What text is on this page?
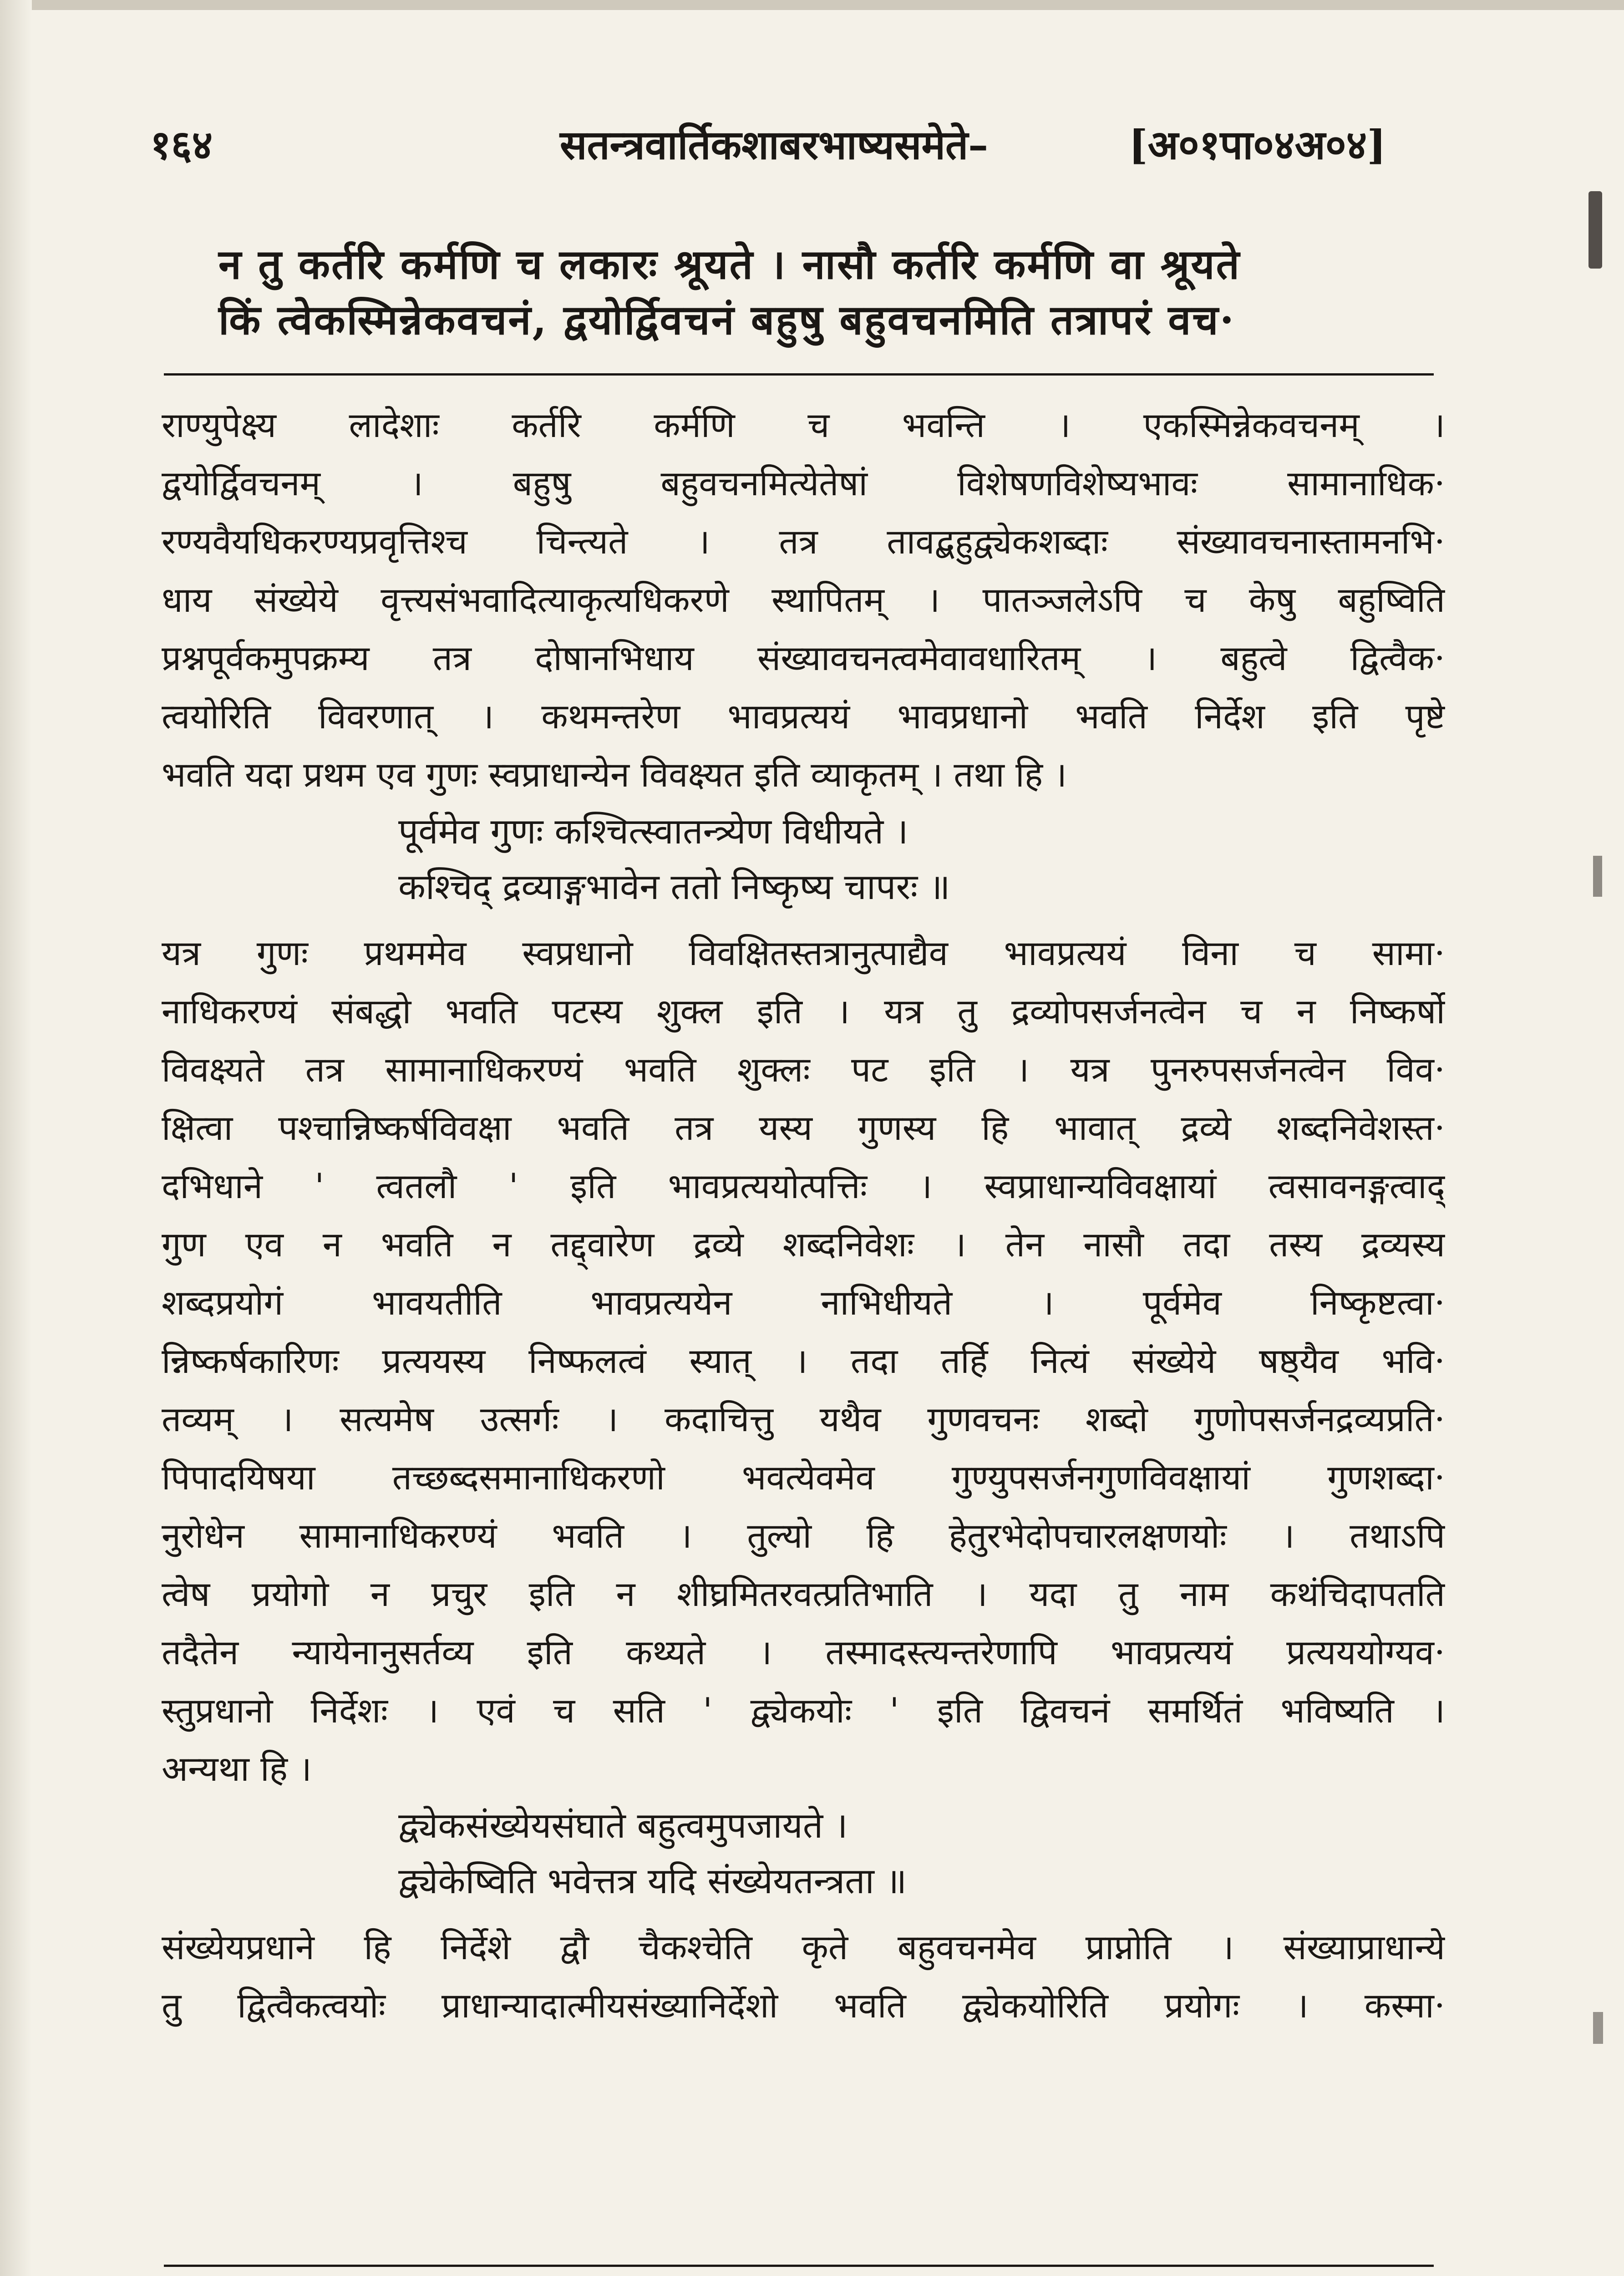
१६४	सतन्त्रवार्तिकशाबरभाष्यसमेते–	[अ०१पा०४अ०४]
न तु कर्तरि कर्मणि च लकारः श्रूयते । नासौ कर्तरि कर्मणि वा श्रूयते
किं त्वेकस्मिन्नेकवचनं, द्वयोर्द्विवचनं बहुषु बहुवचनमिति तत्रापरं वच·
राण्युपेक्ष्य लादेशाः कर्तरि कर्मणि च भवन्ति । एकस्मिन्नेकवचनम् ।
द्वयोर्द्विवचनम् । बहुषु बहुवचनमित्येतेषां विशेषणविशेष्यभावः सामानाधिक·
रण्यवैयधिकरण्यप्रवृत्तिश्च चिन्त्यते । तत्र तावद्बहुद्व्येकशब्दाः संख्यावचनास्तामनभि·
धाय संख्येये वृत्त्यसंभवादित्याकृत्यधिकरणे स्थापितम् । पातञ्जलेऽपि च केषु बहुष्विति
प्रश्नपूर्वकमुपक्रम्य तत्र दोषानभिधाय संख्यावचनत्वमेवावधारितम् । बहुत्वे द्वित्वैक·
त्वयोरिति विवरणात् । कथमन्तरेण भावप्रत्ययं भावप्रधानो भवति निर्देश इति पृष्टे
भवति यदा प्रथम एव गुणः स्वप्राधान्येन विवक्ष्यत इति व्याकृतम् । तथा हि ।
पूर्वमेव गुणः कश्चित्स्वातन्त्र्येण विधीयते ।
कश्चिद् द्रव्याङ्गभावेन ततो निष्कृष्य चापरः ॥
यत्र गुणः प्रथममेव स्वप्रधानो विवक्षितस्तत्रानुत्पाद्यैव भावप्रत्ययं विना च सामा·
नाधिकरण्यं संबद्धो भवति पटस्य शुक्ल इति । यत्र तु द्रव्योपसर्जनत्वेन च न निष्कर्षो
विवक्ष्यते तत्र सामानाधिकरण्यं भवति शुक्लः पट इति । यत्र पुनरुपसर्जनत्वेन विव·
क्षित्वा पश्चान्निष्कर्षविवक्षा भवति तत्र यस्य गुणस्य हि भावात् द्रव्ये शब्दनिवेशस्त·
दभिधाने ' त्वतलौ ' इति भावप्रत्ययोत्पत्तिः । स्वप्राधान्यविवक्षायां त्वसावनङ्गत्वाद्
गुण एव न भवति न तद्द्वारेण द्रव्ये शब्दनिवेशः । तेन नासौ तदा तस्य द्रव्यस्य
शब्दप्रयोगं भावयतीति भावप्रत्ययेन नाभिधीयते । पूर्वमेव निष्कृष्टत्वा·
न्निष्कर्षकारिणः प्रत्ययस्य निष्फलत्वं स्यात् । तदा तर्हि नित्यं संख्येये षष्ठ्यैव भवि·
तव्यम् । सत्यमेष उत्सर्गः । कदाचित्तु यथैव गुणवचनः शब्दो गुणोपसर्जनद्रव्यप्रति·
पिपादयिषया तच्छब्दसमानाधिकरणो भवत्येवमेव गुण्युपसर्जनगुणविवक्षायां गुणशब्दा·
नुरोधेन सामानाधिकरण्यं भवति । तुल्यो हि हेतुरभेदोपचारलक्षणयोः । तथाऽपि
त्वेष प्रयोगो न प्रचुर इति न शीघ्रमितरवत्प्रतिभाति । यदा तु नाम कथंचिदापतति
तदैतेन न्यायेनानुसर्तव्य इति कथ्यते । तस्मादस्त्यन्तरेणापि भावप्रत्ययं प्रत्यययोग्यव·
स्तुप्रधानो निर्देशः । एवं च सति ' द्व्येकयोः ' इति द्विवचनं समर्थितं भविष्यति ।
अन्यथा हि ।
द्व्येकसंख्येयसंघाते बहुत्वमुपजायते ।
द्व्येकेष्विति भवेत्तत्र यदि संख्येयतन्त्रता ॥
संख्येयप्रधाने हि निर्देशे द्वौ चैकश्चेति कृते बहुवचनमेव प्राप्नोति । संख्याप्राधान्ये
तु द्वित्वैकत्वयोः प्राधान्यादात्मीयसंख्यानिर्देशो भवति द्व्येकयोरिति प्रयोगः । कस्मा·
